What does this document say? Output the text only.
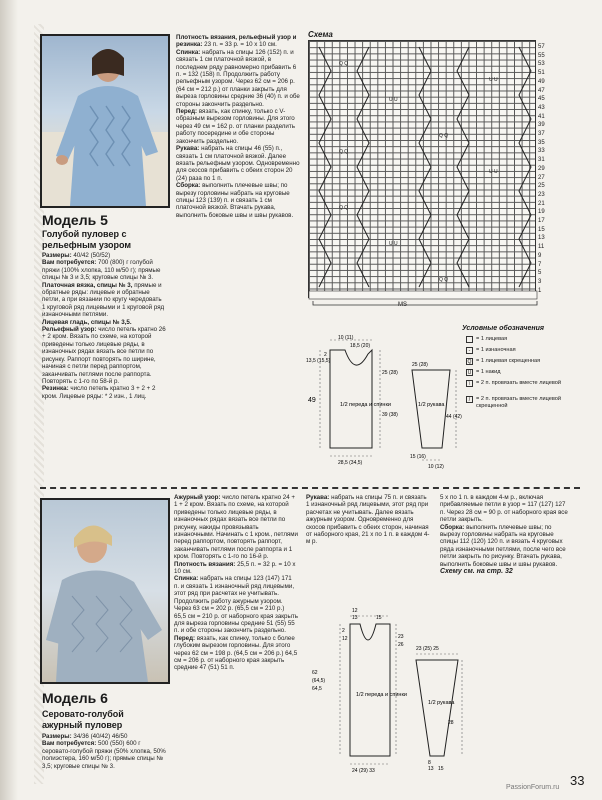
Модель 5
Голубой пуловер с рельефным узором
Размеры: 40/42 (50/52)
Вам потребуется: 700 (800) г голубой пряжи (100% хлопка, 110 м/50 г); прямые спицы № 3 и 3,5; круговые спицы № 3.
Платочная вязка, спицы № 3, прямые и обратные ряды: лицевые и обратные петли, а при вязании по кругу чередовать 1 круговой ряд лицевыми и 1 круговой ряд изнаночными петлями.
Лицевая гладь, спицы № 3,5.
Рельефный узор: число петель кратно 26 + 2 кром. Вязать по схеме, на которой приведены только лицевые ряды, в изнаночных рядах вязать все петли по рисунку. Раппорт повторять по ширине, начиная с петли перед раппортом, заканчивать петлями после раппорта. Повторять с 1-го по 58-й р.
Резинка: число петель кратно 3 + 2 + 2 кром. Лицевые ряды: * 2 изн., 1 лиц.
Плотность вязания, рельефный узор и резинка: 23 п. = 33 р. = 10 x 10 см.
Спинка: набрать на спицы 126 (152) п. и связать 1 см платочной вязкой, в последнем ряду равномерно прибавить 6 п. = 132 (158) п. Продолжить работу рельефным узором. Через 62 см = 206 р. (64 см = 212 р.) от планки закрыть для выреза горловины средние 36 (40) п. и обе стороны закончить раздельно.
Перед: вязать, как спинку, только с V-образным вырезом горловины. Для этого через 49 см = 162 р. от планки разделить работу посередине и обе стороны закончить раздельно.
Рукава: набрать на спицы 46 (55) п., связать 1 см платочной вязкой. Далее вязать рельефным узором. Одновременно для скосов прибавить с обеих сторон 20 (24) раза по 1 п.
Сборка: выполнить плечевые швы; по вырезу горловины набрать на круговые спицы 123 (139) п. и связать 1 см платочной вязкой. Втачать рукава, выполнить боковые швы и швы рукавов.
Схема
Q Q
U U
Q Q
U U
Q Q
U U
Q Q
U U
Q Q
57
55
53
51
49
47
45
43
41
39
37
35
33
31
29
27
25
23
21
19
17
15
13
11
9
7
5
3
1
MS
Условные обозначения
= 1 лицевая
-	= 1 изнаночная
Q = 1 лицевая скрещенная
U = 1 накид
\	= 2 п. провязать вместе лицевой
/	= 2 п. провязать вместе лицевой скрещенной
10 (11)
18,5 (20)
13,5 (15,5)
2
25 (28)
39 (38)
49
28,5 (34,5)
1/2 переда и спинки
25 (28)
1/2 рукава
44 (42)
15 (16)
10 (12)
Модель 6
Серовато-голубой ажурный пуловер
Размеры: 34/36 (40/42) 46/50
Вам потребуется: 500 (550) 600 г серовато-голубой пряжи (50% хлопка, 50% полиэстера, 160 м/50 г); прямые спицы № 3,5; круговые спицы № 3.
Ажурный узор: число петель кратно 24 + 1 + 2 кром. Вязать по схеме, на которой приведены только лицевые ряды, в изнаночных рядах вязать все петли по рисунку, накиды провязывать изнаночными. Начинать с 1 кром., петлями перед раппортом, повторять раппорт, заканчивать петлями после раппорта и 1 кром. Повторять с 1-го по 16-й р.
Плотность вязания: 25,5 п. = 32 р. = 10 x 10 см.
Спинка: набрать на спицы 123 (147) 171 п. и связать 1 изнаночный ряд лицевыми, этот ряд при расчетах не учитывать. Продолжить работу ажурным узором. Через 63 см = 202 р. (65,5 см = 210 р.) 65,5 см = 210 р. от наборного края закрыть для выреза горловины средние 51 (55) 55 п. и обе стороны закончить раздельно.
Перед: вязать, как спинку, только с более глубоким вырезом горловины. Для этого через 62 см = 198 р. (64,5 см = 206 р.) 64,5 см = 206 р. от наборного края закрыть средние 47 (51) 51 п.
Рукава: набрать на спицы 75 п. и связать 1 изнаночный ряд лицевыми, этот ряд при расчетах не учитывать. Далее вязать ажурным узором. Одновременно для скосов прибавить с обеих сторон, начиная от наборного края, 21 x по 1 п. в каждом 4-м р.
5 x по 1 п. в каждом 4-м р., включая прибавляемые петли в узор = 117 (127) 127 п. Через 28 см = 90 р. от наборного края все петли закрыть.
Сборка: выполнить плечевые швы; по вырезу горловины набрать на круговые спицы 112 (120) 120 п. и вязать 4 круговых ряда изнаночными петлями, после чего все петли закрыть по рисунку. Втачать рукава, выполнить боковые швы и швы рукавов.
Схему см. на стр. 32
12
13	15
2
12	23
26
62
(64,5)
64,5
1/2 переда и спинки
23 (25) 25
1/2 рукава
28
24 (29) 33
8
13 15
33
PassionForum.ru
